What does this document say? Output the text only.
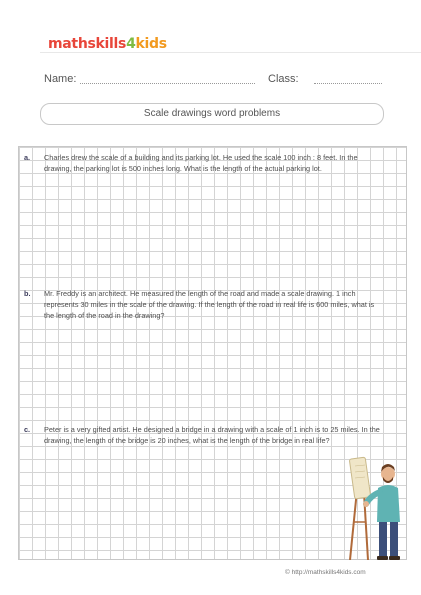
mathskills4kids
Name:	Class:
Scale drawings word problems
a. Charles drew the scale of a building and its parking lot. He used the scale 100 inch : 8 feet. In the drawing, the parking lot is 500 inches long. What is the length of the actual parking lot.
b. Mr. Freddy is an architect. He measured the length of the road and made a scale drawing. 1 inch represents 30 miles in the scale of the drawing. If the length of the road in real life is 600 miles, what is the length of the road in the drawing?
c. Peter is a very gifted artist. He designed a bridge in a drawing with a scale of 1 inch is to 25 miles. In the drawing, the length of the bridge is 20 inches, what is the length of the bridge in real life?
© http://mathskills4kids.com
